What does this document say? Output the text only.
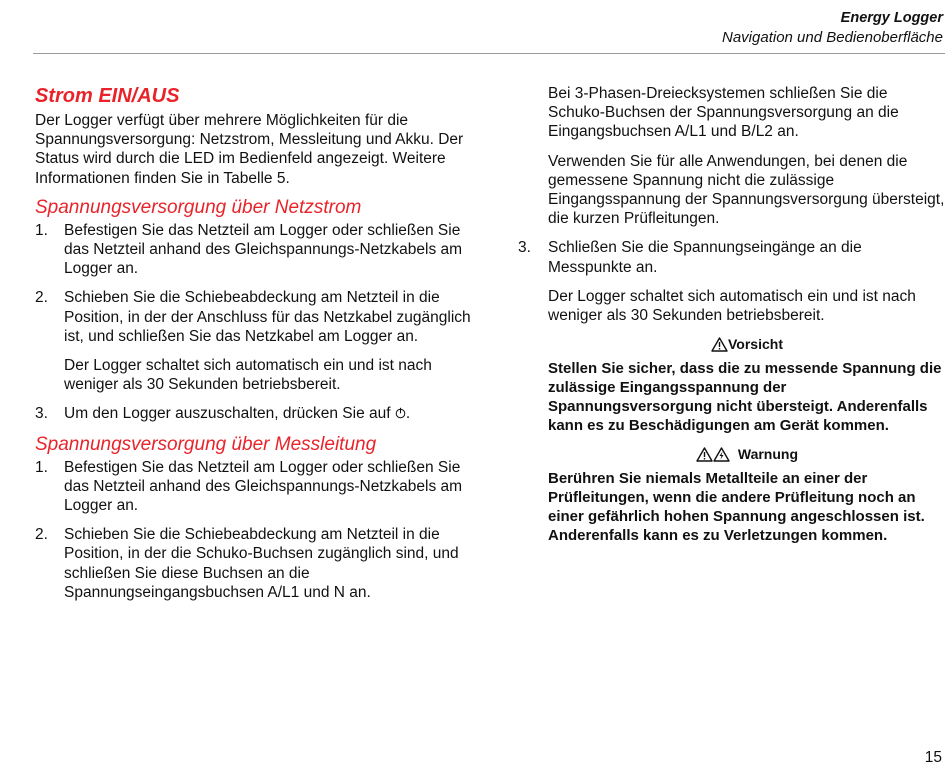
Energy Logger
Navigation und Bedienoberfläche
Strom EIN/AUS

Der Logger verfügt über mehrere Möglichkeiten für die Spannungsversorgung: Netzstrom, Messleitung und Akku. Der Status wird durch die LED im Bedienfeld angezeigt. Weitere Informationen finden Sie in Tabelle 5.

Spannungsversorgung über Netzstrom
1. Befestigen Sie das Netzteil am Logger oder schließen Sie das Netzteil anhand des Gleichspannungs-Netzkabels am Logger an.
2. Schieben Sie die Schiebeabdeckung am Netzteil in die Position, in der der Anschluss für das Netzkabel zugänglich ist, und schließen Sie das Netzkabel am Logger an.

Der Logger schaltet sich automatisch ein und ist nach weniger als 30 Sekunden betriebsbereit.

3. Um den Logger auszuschalten, drücken Sie auf .
Spannungsversorgung über Messleitung
1. Befestigen Sie das Netzteil am Logger oder schließen Sie das Netzteil anhand des Gleichspannungs-Netzkabels am Logger an.
2. Schieben Sie die Schiebeabdeckung am Netzteil in die Position, in der die Schuko-Buchsen zugänglich sind, und schließen Sie diese Buchsen an die Spannungseingangsbuchsen A/L1 und N an.

Bei 3-Phasen-Dreiecksystemen schließen Sie die Schuko-Buchsen der Spannungsversorgung an die Eingangsbuchsen A/L1 und B/L2 an.

Verwenden Sie für alle Anwendungen, bei denen die gemessene Spannung nicht die zulässige Eingangsspannung der Spannungsversorgung übersteigt, die kurzen Prüfleitungen.

3. Schließen Sie die Spannungseingänge an die Messpunkte an.

Der Logger schaltet sich automatisch ein und ist nach weniger als 30 Sekunden betriebsbereit.

Vorsicht

Stellen Sie sicher, dass die zu messende Spannung die zulässige Eingangsspannung der Spannungsversorgung nicht übersteigt. Anderenfalls kann es zu Beschädigungen am Gerät kommen.

Warnung

Berühren Sie niemals Metallteile an einer der Prüfleitungen, wenn die andere Prüfleitung noch an einer gefährlich hohen Spannung angeschlossen ist. Anderenfalls kann es zu Verletzungen kommen.

15
